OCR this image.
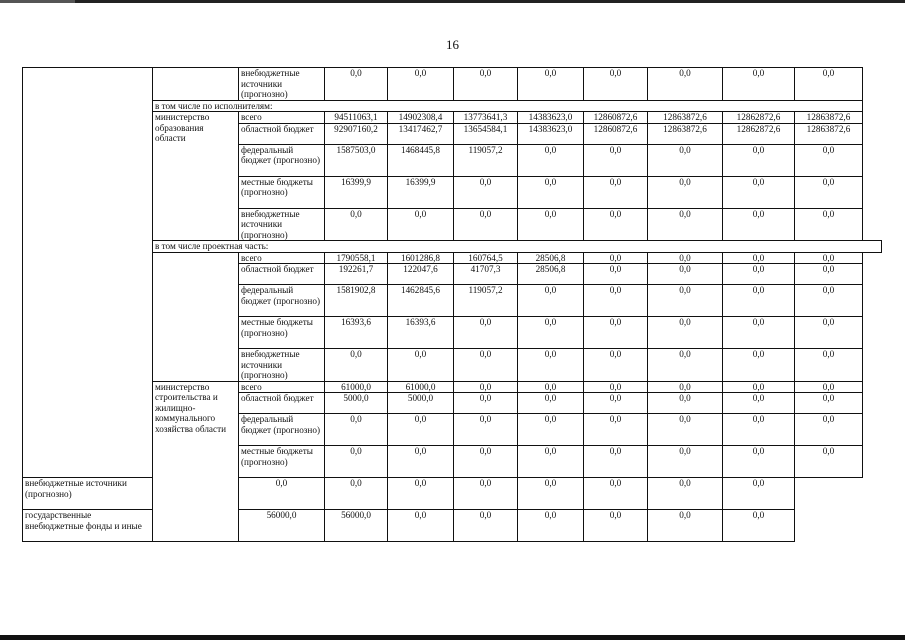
16
		внебюджетные источники (прогнозно)	0,0	0,0	0,0	0,0	0,0	0,0	0,0	0,0
	в том числе по исполнителям:									
	министерство образования области	всего	94511063,1	14902308,4	13773641,3	14383623,0	12860872,6	12863872,6	12862872,6	12863872,6
		областной бюджет	92907160,2	13417462,7	13654584,1	14383623,0	12860872,6	12863872,6	12862872,6	12863872,6
		федеральный бюджет (прогнозно)	1587503,0	1468445,8	119057,2	0,0	0,0	0,0	0,0	0,0
		местные бюджеты (прогнозно)	16399,9	16399,9	0,0	0,0	0,0	0,0	0,0	0,0
		внебюджетные источники (прогнозно)	0,0	0,0	0,0	0,0	0,0	0,0	0,0	0,0
	в том числе проектная часть:									
		всего	1790558,1	1601286,8	160764,5	28506,8	0,0	0,0	0,0	0,0
		областной бюджет	192261,7	122047,6	41707,3	28506,8	0,0	0,0	0,0	0,0
		федеральный бюджет (прогнозно)	1581902,8	1462845,6	119057,2	0,0	0,0	0,0	0,0	0,0
		местные бюджеты (прогнозно)	16393,6	16393,6	0,0	0,0	0,0	0,0	0,0	0,0
		внебюджетные источники (прогнозно)	0,0	0,0	0,0	0,0	0,0	0,0	0,0	0,0
	министерство строительства и жилищно-коммунального хозяйства области	всего	61000,0	61000,0	0,0	0,0	0,0	0,0	0,0	0,0
		областной бюджет	5000,0	5000,0	0,0	0,0	0,0	0,0	0,0	0,0
		федеральный бюджет (прогнозно)	0,0	0,0	0,0	0,0	0,0	0,0	0,0	0,0
		местные бюджеты (прогнозно)	0,0	0,0	0,0	0,0	0,0	0,0	0,0	0,0
внебюджетные источники (прогнозно)		0,0	0,0	0,0	0,0	0,0	0,0	0,0	0,0	
государственные внебюджетные фонды и иные		56000,0	56000,0	0,0	0,0	0,0	0,0	0,0	0,0	
